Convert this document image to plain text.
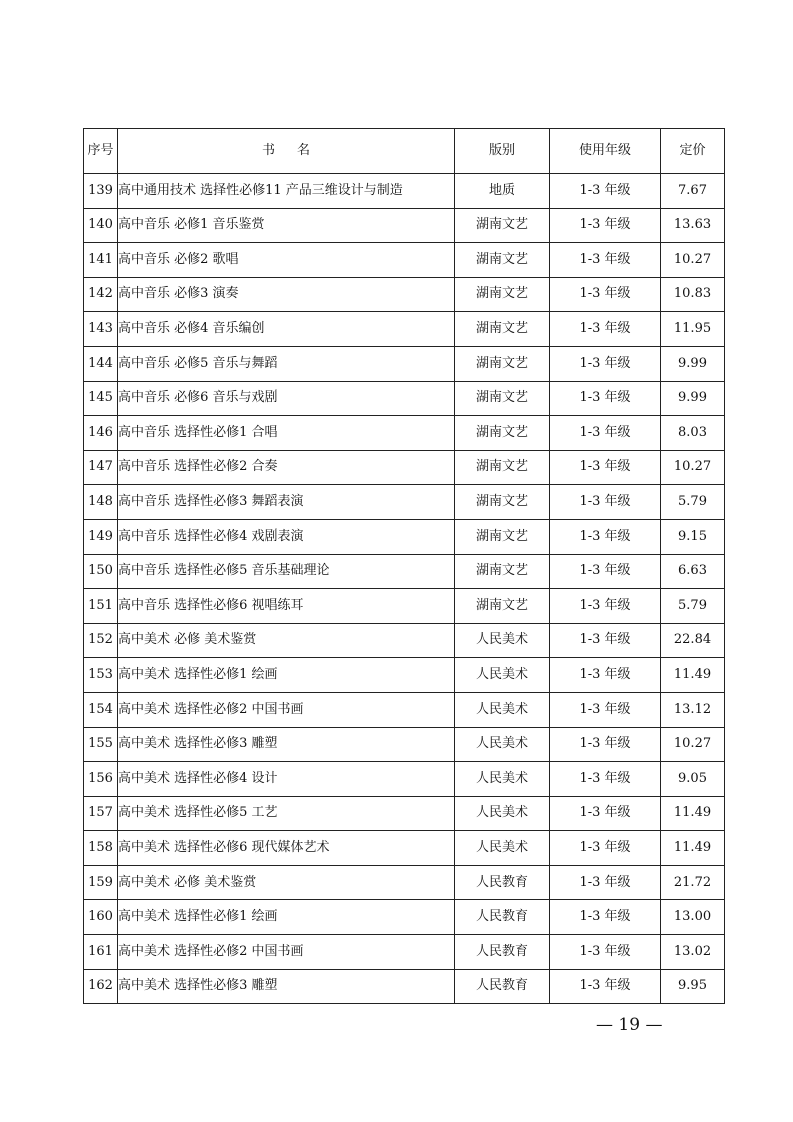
序号	书名	版别	使用年级	定价
139	高中通用技术 选择性必修11 产品三维设计与制造	地质	1-3 年级	7.67
140	高中音乐 必修1 音乐鉴赏	湖南文艺	1-3 年级	13.63
141	高中音乐 必修2 歌唱	湖南文艺	1-3 年级	10.27
142	高中音乐 必修3 演奏	湖南文艺	1-3 年级	10.83
143	高中音乐 必修4 音乐编创	湖南文艺	1-3 年级	11.95
144	高中音乐 必修5 音乐与舞蹈	湖南文艺	1-3 年级	9.99
145	高中音乐 必修6 音乐与戏剧	湖南文艺	1-3 年级	9.99
146	高中音乐 选择性必修1 合唱	湖南文艺	1-3 年级	8.03
147	高中音乐 选择性必修2 合奏	湖南文艺	1-3 年级	10.27
148	高中音乐 选择性必修3 舞蹈表演	湖南文艺	1-3 年级	5.79
149	高中音乐 选择性必修4 戏剧表演	湖南文艺	1-3 年级	9.15
150	高中音乐 选择性必修5 音乐基础理论	湖南文艺	1-3 年级	6.63
151	高中音乐 选择性必修6 视唱练耳	湖南文艺	1-3 年级	5.79
152	高中美术 必修 美术鉴赏	人民美术	1-3 年级	22.84
153	高中美术 选择性必修1 绘画	人民美术	1-3 年级	11.49
154	高中美术 选择性必修2 中国书画	人民美术	1-3 年级	13.12
155	高中美术 选择性必修3 雕塑	人民美术	1-3 年级	10.27
156	高中美术 选择性必修4 设计	人民美术	1-3 年级	9.05
157	高中美术 选择性必修5 工艺	人民美术	1-3 年级	11.49
158	高中美术 选择性必修6 现代媒体艺术	人民美术	1-3 年级	11.49
159	高中美术 必修 美术鉴赏	人民教育	1-3 年级	21.72
160	高中美术 选择性必修1 绘画	人民教育	1-3 年级	13.00
161	高中美术 选择性必修2 中国书画	人民教育	1-3 年级	13.02
162	高中美术 选择性必修3 雕塑	人民教育	1-3 年级	9.95
— 19 —
